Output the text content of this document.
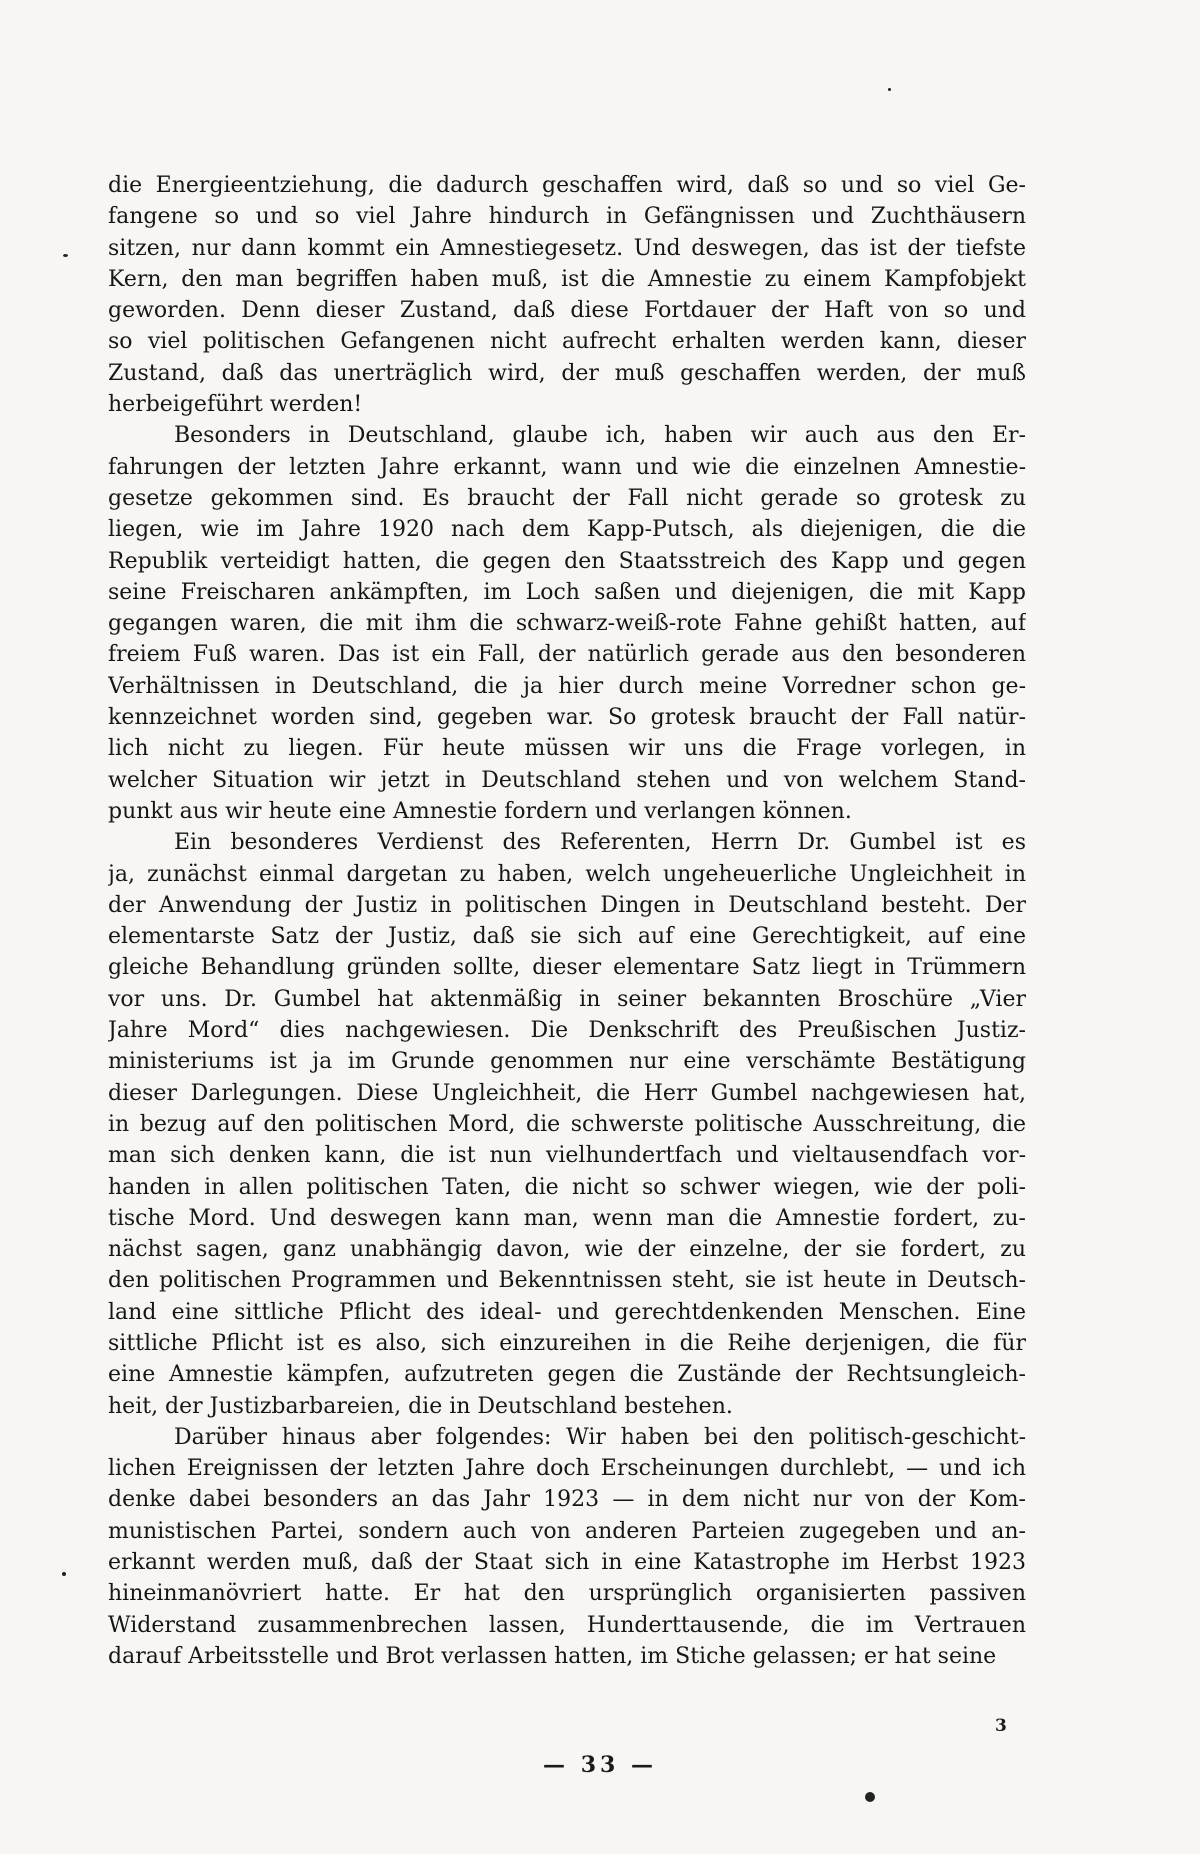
die Energieentziehung, die dadurch geschaffen wird, daß so und so viel Ge-
fangene so und so viel Jahre hindurch in Gefängnissen und Zuchthäusern
sitzen, nur dann kommt ein Amnestiegesetz. Und deswegen, das ist der tiefste
Kern, den man begriffen haben muß, ist die Amnestie zu einem Kampfobjekt
geworden. Denn dieser Zustand, daß diese Fortdauer der Haft von so und
so viel politischen Gefangenen nicht aufrecht erhalten werden kann, dieser
Zustand, daß das unerträglich wird, der muß geschaffen werden, der muß
herbeigeführt werden!
Besonders in Deutschland, glaube ich, haben wir auch aus den Er-
fahrungen der letzten Jahre erkannt, wann und wie die einzelnen Amnestie-
gesetze gekommen sind. Es braucht der Fall nicht gerade so grotesk zu
liegen, wie im Jahre 1920 nach dem Kapp-Putsch, als diejenigen, die die
Republik verteidigt hatten, die gegen den Staatsstreich des Kapp und gegen
seine Freischaren ankämpften, im Loch saßen und diejenigen, die mit Kapp
gegangen waren, die mit ihm die schwarz-weiß-rote Fahne gehißt hatten, auf
freiem Fuß waren. Das ist ein Fall, der natürlich gerade aus den besonderen
Verhältnissen in Deutschland, die ja hier durch meine Vorredner schon ge-
kennzeichnet worden sind, gegeben war. So grotesk braucht der Fall natür-
lich nicht zu liegen. Für heute müssen wir uns die Frage vorlegen, in
welcher Situation wir jetzt in Deutschland stehen und von welchem Stand-
punkt aus wir heute eine Amnestie fordern und verlangen können.
Ein besonderes Verdienst des Referenten, Herrn Dr. Gumbel ist es
ja, zunächst einmal dargetan zu haben, welch ungeheuerliche Ungleichheit in
der Anwendung der Justiz in politischen Dingen in Deutschland besteht. Der
elementarste Satz der Justiz, daß sie sich auf eine Gerechtigkeit, auf eine
gleiche Behandlung gründen sollte, dieser elementare Satz liegt in Trümmern
vor uns. Dr. Gumbel hat aktenmäßig in seiner bekannten Broschüre „Vier
Jahre Mord“ dies nachgewiesen. Die Denkschrift des Preußischen Justiz-
ministeriums ist ja im Grunde genommen nur eine verschämte Bestätigung
dieser Darlegungen. Diese Ungleichheit, die Herr Gumbel nachgewiesen hat,
in bezug auf den politischen Mord, die schwerste politische Ausschreitung, die
man sich denken kann, die ist nun vielhundertfach und vieltausendfach vor-
handen in allen politischen Taten, die nicht so schwer wiegen, wie der poli-
tische Mord. Und deswegen kann man, wenn man die Amnestie fordert, zu-
nächst sagen, ganz unabhängig davon, wie der einzelne, der sie fordert, zu
den politischen Programmen und Bekenntnissen steht, sie ist heute in Deutsch-
land eine sittliche Pflicht des ideal- und gerechtdenkenden Menschen. Eine
sittliche Pflicht ist es also, sich einzureihen in die Reihe derjenigen, die für
eine Amnestie kämpfen, aufzutreten gegen die Zustände der Rechtsungleich-
heit, der Justizbarbareien, die in Deutschland bestehen.
Darüber hinaus aber folgendes: Wir haben bei den politisch-geschicht-
lichen Ereignissen der letzten Jahre doch Erscheinungen durchlebt, — und ich
denke dabei besonders an das Jahr 1923 — in dem nicht nur von der Kom-
munistischen Partei, sondern auch von anderen Parteien zugegeben und an-
erkannt werden muß, daß der Staat sich in eine Katastrophe im Herbst 1923
hineinmanövriert hatte. Er hat den ursprünglich organisierten passiven
Widerstand zusammenbrechen lassen, Hunderttausende, die im Vertrauen
darauf Arbeitsstelle und Brot verlassen hatten, im Stiche gelassen; er hat seine
3
— 33 —
